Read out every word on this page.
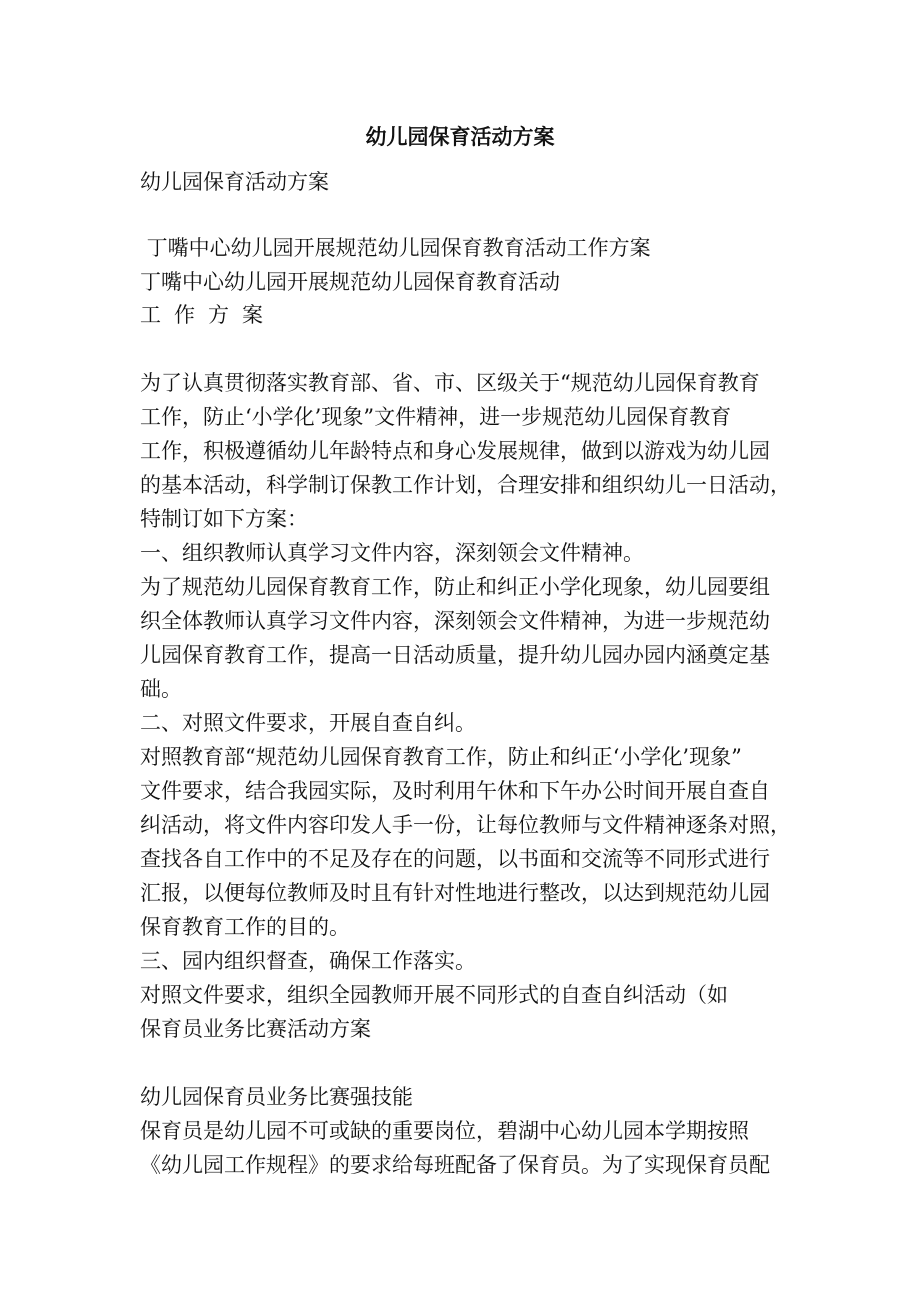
幼儿园保育活动方案
幼儿园保育活动方案
丁嘴中心幼儿园开展规范幼儿园保育教育活动工作方案
丁嘴中心幼儿园开展规范幼儿园保育教育活动
工作方案
为了认真贯彻落实教育部、省、市、区级关于“规范幼儿园保育教育
工作，防止‘小学化’现象”文件精神，进一步规范幼儿园保育教育
工作，积极遵循幼儿年龄特点和身心发展规律，做到以游戏为幼儿园
的基本活动，科学制订保教工作计划，合理安排和组织幼儿一日活动，
特制订如下方案：
一、组织教师认真学习文件内容，深刻领会文件精神。
为了规范幼儿园保育教育工作，防止和纠正小学化现象，幼儿园要组
织全体教师认真学习文件内容，深刻领会文件精神，为进一步规范幼
儿园保育教育工作，提高一日活动质量，提升幼儿园办园内涵奠定基
础。
二、对照文件要求，开展自查自纠。
对照教育部“规范幼儿园保育教育工作，防止和纠正‘小学化’现象”
文件要求，结合我园实际，及时利用午休和下午办公时间开展自查自
纠活动，将文件内容印发人手一份，让每位教师与文件精神逐条对照，
查找各自工作中的不足及存在的问题，以书面和交流等不同形式进行
汇报，以便每位教师及时且有针对性地进行整改，以达到规范幼儿园
保育教育工作的目的。
三、园内组织督查，确保工作落实。
对照文件要求，组织全园教师开展不同形式的自查自纠活动（如
保育员业务比赛活动方案
幼儿园保育员业务比赛强技能
保育员是幼儿园不可或缺的重要岗位，碧湖中心幼儿园本学期按照
《幼儿园工作规程》的要求给每班配备了保育员。为了实现保育员配
